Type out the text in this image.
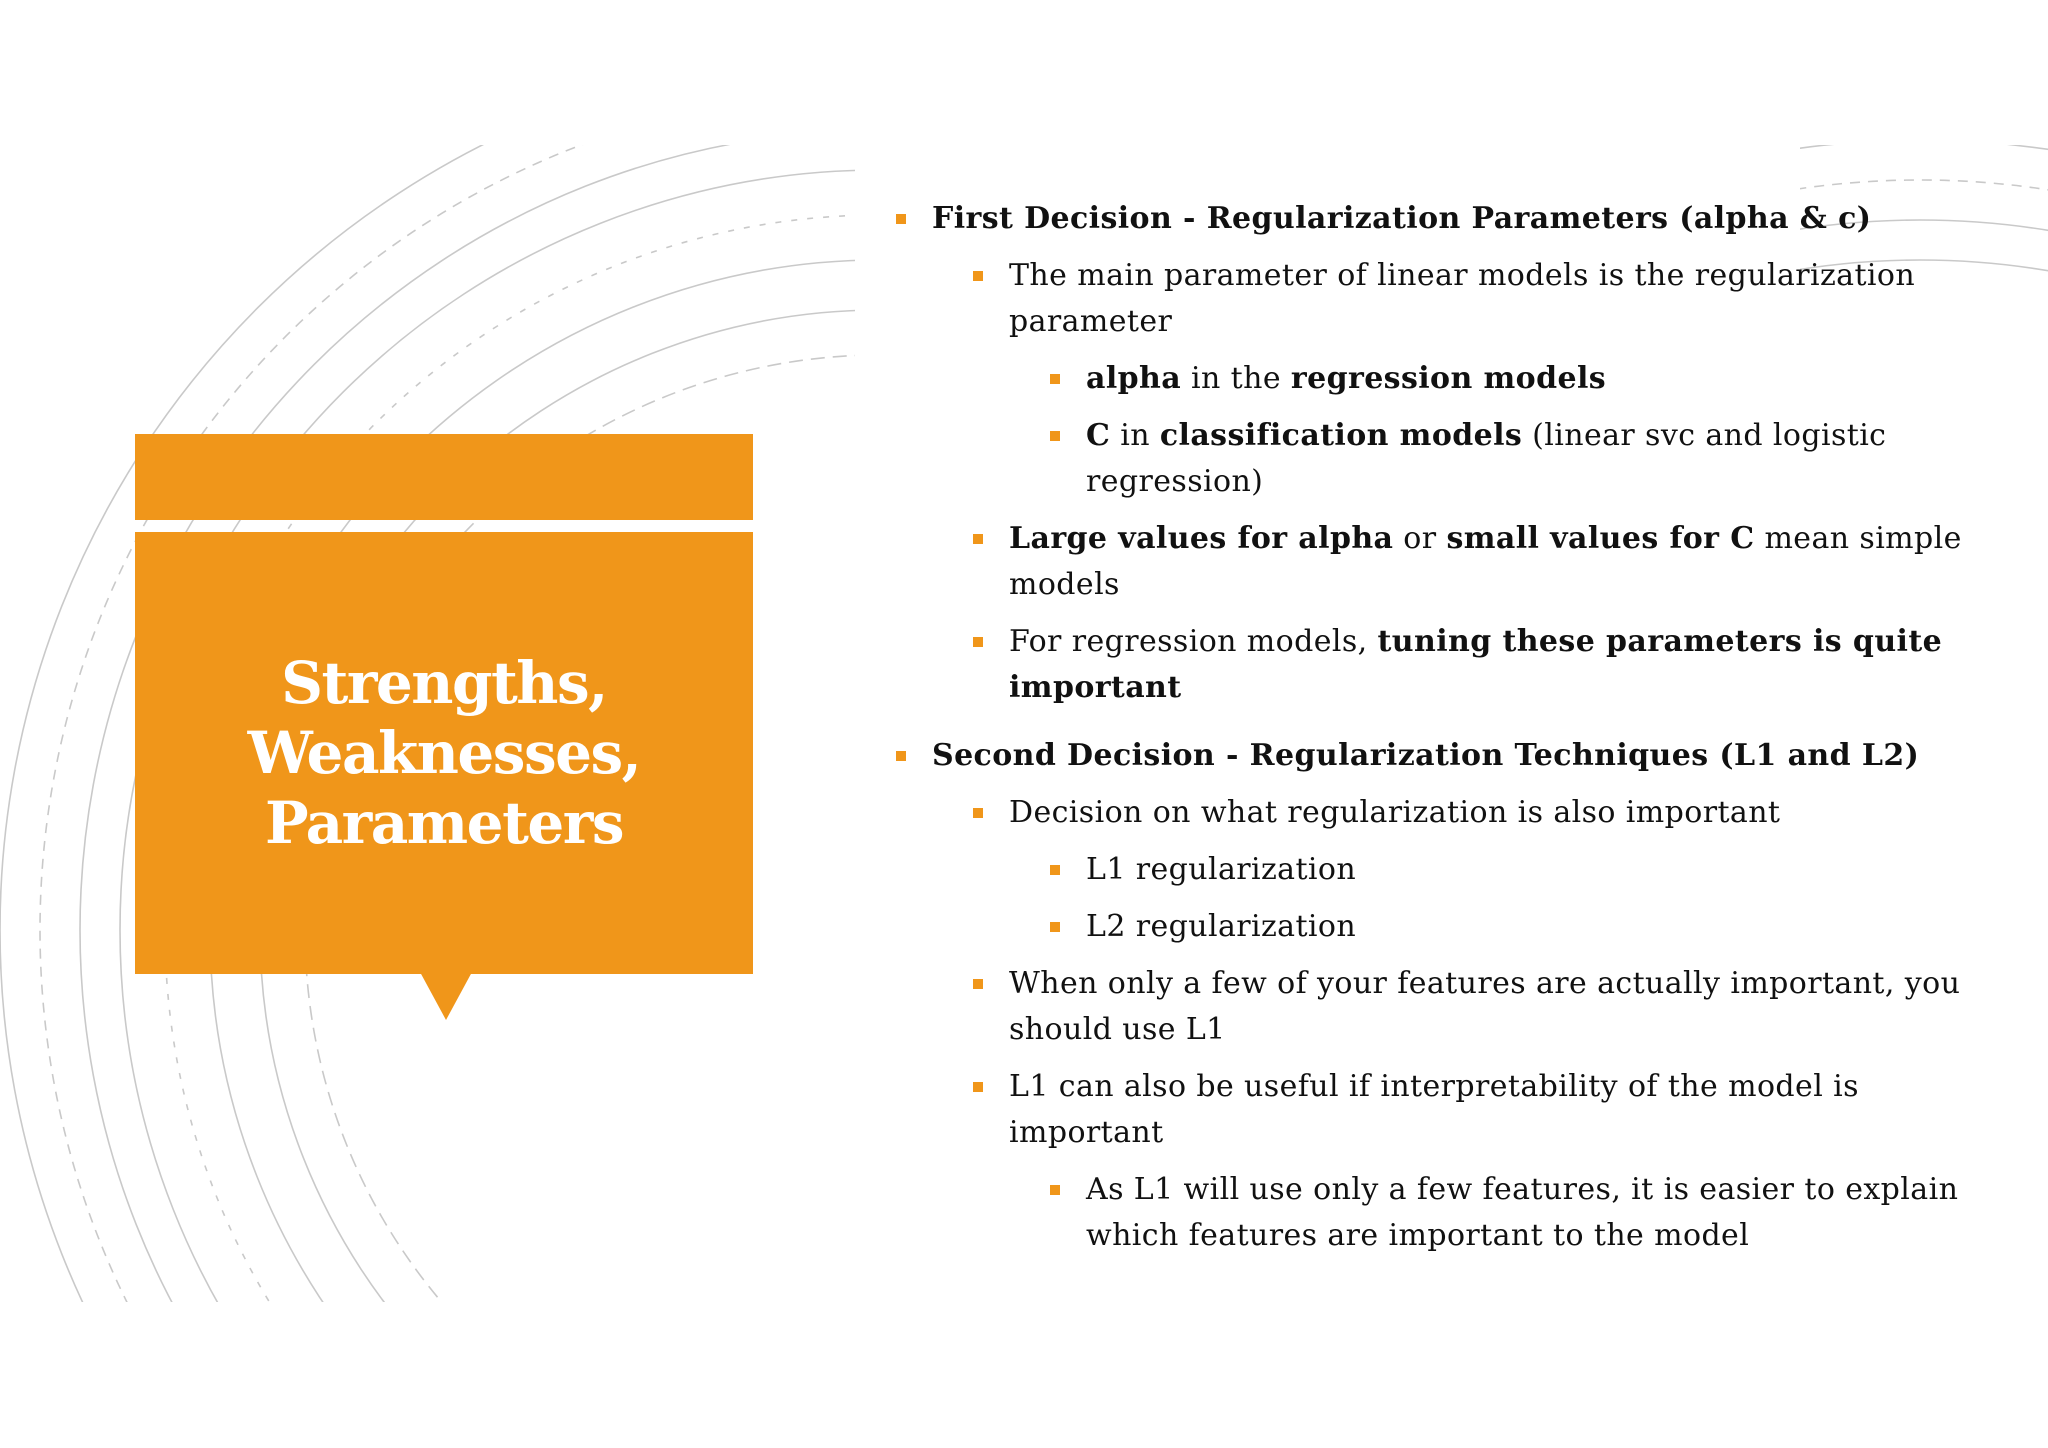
Strengths,
Weaknesses,
Parameters
First Decision - Regularization Parameters (alpha & c)
The main parameter of linear models is the regularization parameter
alpha in the regression models
C in classification models (linear svc and logistic regression)
Large values for alpha or small values for C mean simple models
For regression models, tuning these parameters is quite important
Second Decision - Regularization Techniques (L1 and L2)
Decision on what regularization is also important
L1 regularization
L2 regularization
When only a few of your features are actually important, you should use L1
L1 can also be useful if interpretability of the model is important
As L1 will use only a few features, it is easier to explain which features are important to the model
